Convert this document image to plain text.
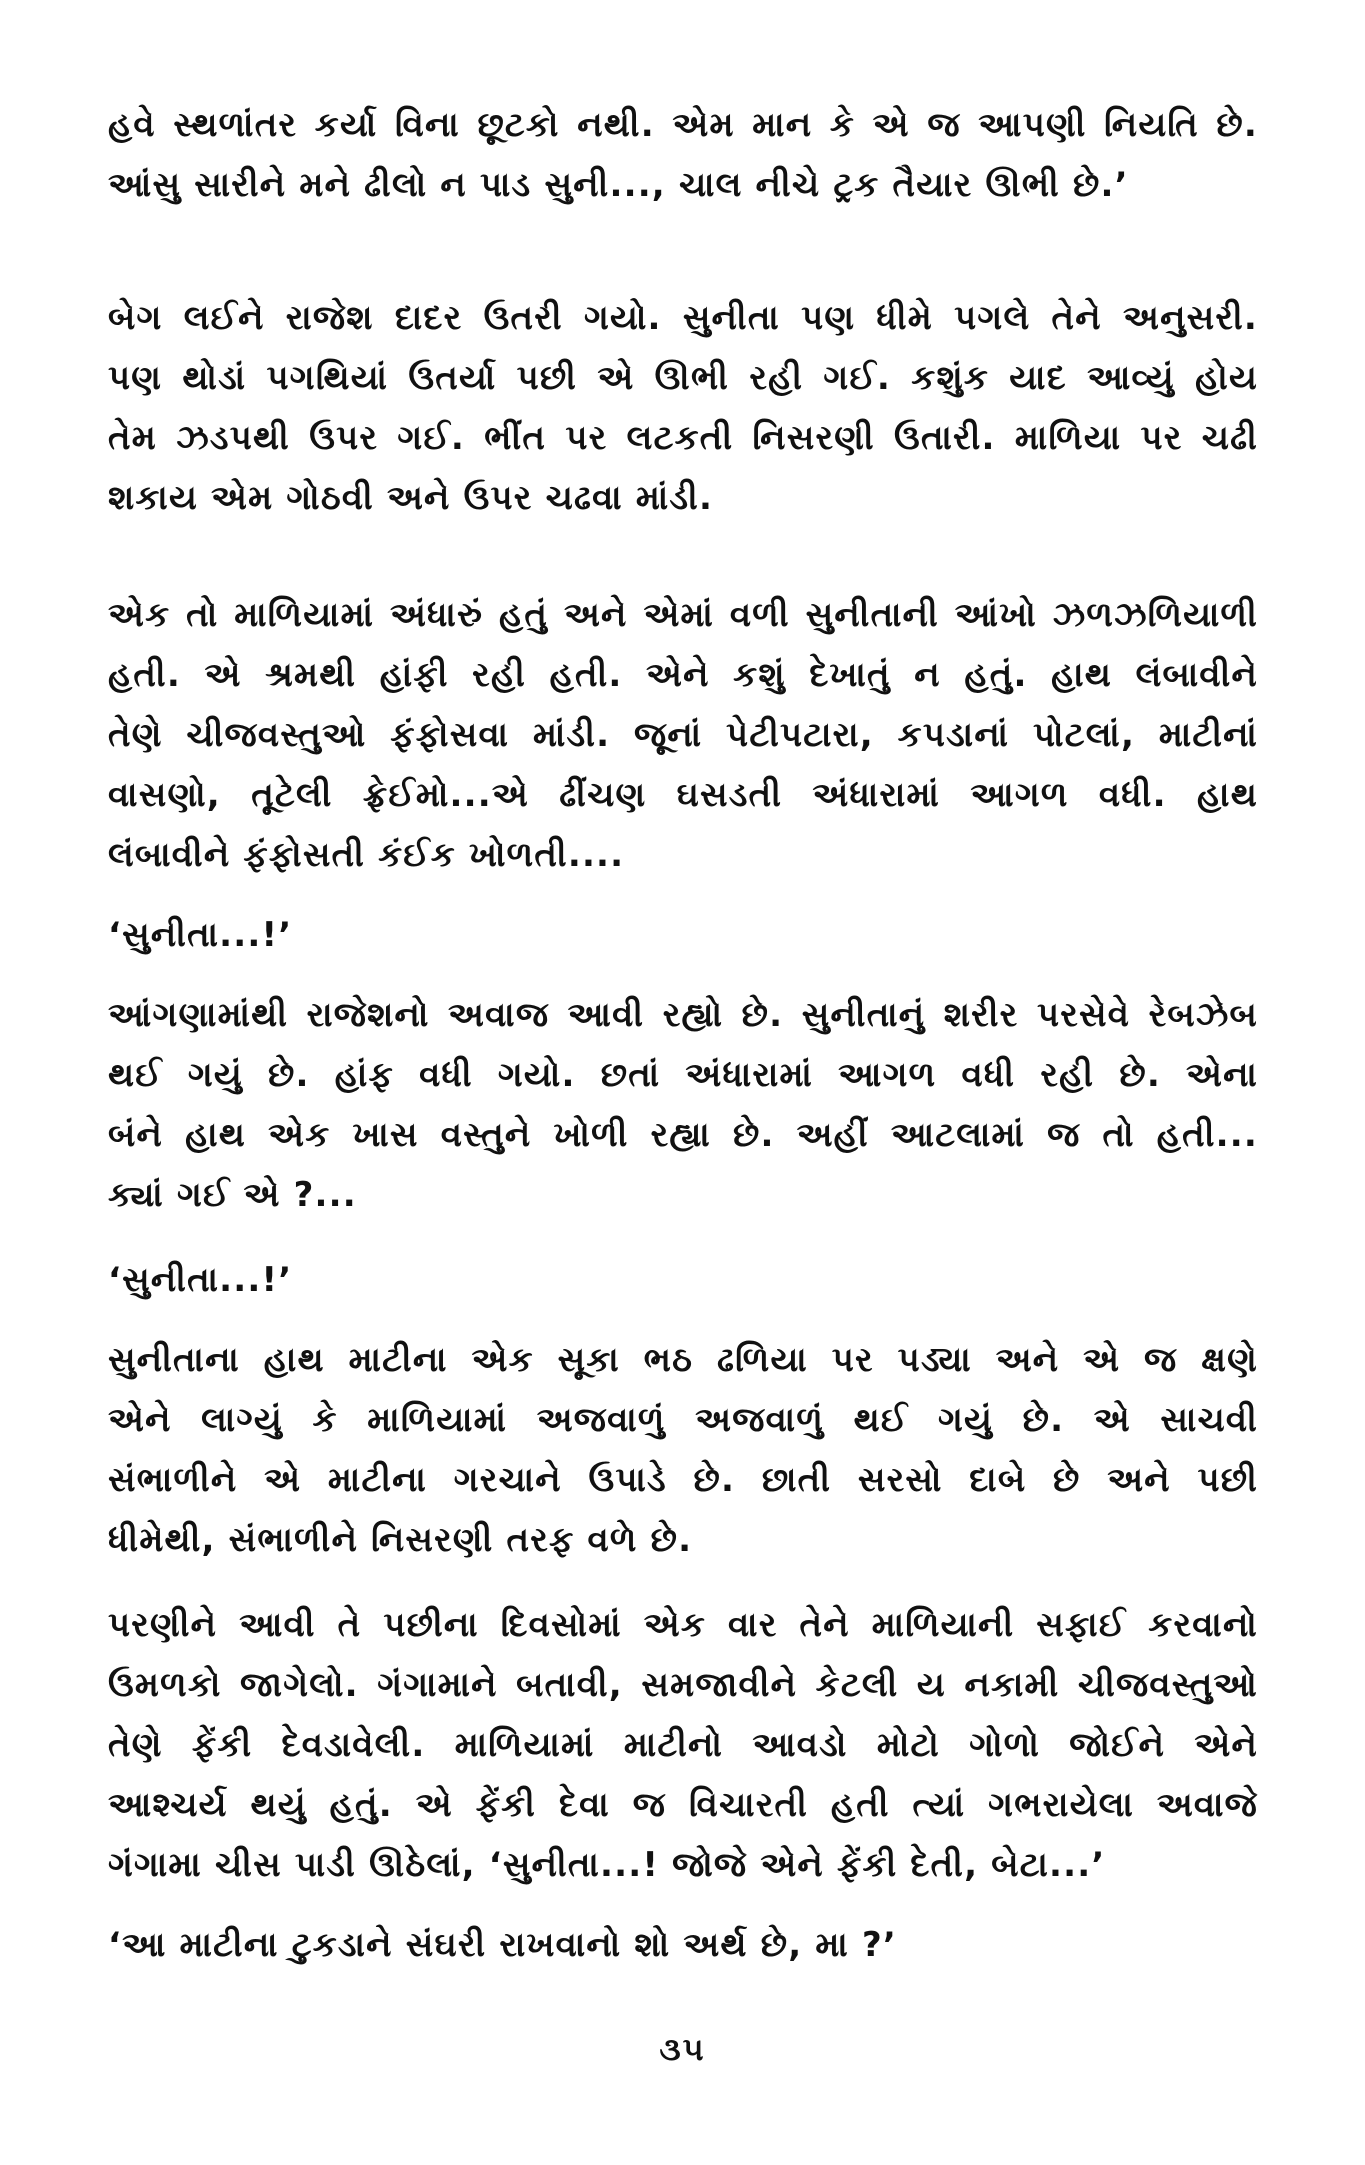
હવે સ્થળાંતર કર્યા વિના છૂટકો નથી. એમ માન કે એ જ આપણી નિયતિ છે.
આંસુ સારીને મને ઢીલો ન પાડ સુની..., ચાલ નીચે ટ્રક તૈયાર ઊભી છે.’
બેગ લઈને રાજેશ દાદર ઉતરી ગયો. સુનીતા પણ ધીમે પગલે તેને અનુસરી.
પણ થોડાં પગથિયાં ઉતર્યા પછી એ ઊભી રહી ગઈ. કશુંક યાદ આવ્યું હોય
તેમ ઝડપથી ઉપર ગઈ. ભીંત પર લટકતી નિસરણી ઉતારી. માળિયા પર ચઢી
શકાય એમ ગોઠવી અને ઉપર ચઢવા માંડી.
એક તો માળિયામાં અંધારું હતું અને એમાં વળી સુનીતાની આંખો ઝળઝળિયાળી
હતી. એ શ્રમથી હાંફી રહી હતી. એને કશું દેખાતું ન હતું. હાથ લંબાવીને
તેણે ચીજવસ્તુઓ ફંફોસવા માંડી. જૂનાં પેટીપટારા, કપડાનાં પોટલાં, માટીનાં
વાસણો, તૂટેલી ફ્રેઈમો...એ ઢીંચણ ઘસડતી અંધારામાં આગળ વધી. હાથ
લંબાવીને ફંફોસતી કંઈક ખોળતી....
‘સુનીતા...!’
આંગણામાંથી રાજેશનો અવાજ આવી રહ્યો છે. સુનીતાનું શરીર પરસેવે રેબઝેબ
થઈ ગયું છે. હાંફ વધી ગયો. છતાં અંધારામાં આગળ વધી રહી છે. એના
બંને હાથ એક ખાસ વસ્તુને ખોળી રહ્યા છે. અહીં આટલામાં જ તો હતી...
ક્યાં ગઈ એ ?...
‘સુનીતા...!’
સુનીતાના હાથ માટીના એક સૂકા ભઠ ઢળિયા પર પડ્યા અને એ જ ક્ષણે
એને લાગ્યું કે માળિયામાં અજવાળું અજવાળું થઈ ગયું છે. એ સાચવી
સંભાળીને એ માટીના ગરચાને ઉપાડે છે. છાતી સરસો દાબે છે અને પછી
ધીમેથી, સંભાળીને નિસરણી તરફ વળે છે.
પરણીને આવી તે પછીના દિવસોમાં એક વાર તેને માળિયાની સફાઈ કરવાનો
ઉમળકો જાગેલો. ગંગામાને બતાવી, સમજાવીને કેટલી ય નકામી ચીજવસ્તુઓ
તેણે ફેંકી દેવડાવેલી. માળિયામાં માટીનો આવડો મોટો ગોળો જોઈને એને
આશ્ચર્ય થયું હતું. એ ફેંકી દેવા જ વિચારતી હતી ત્યાં ગભરાયેલા અવાજે
ગંગામા ચીસ પાડી ઊઠેલાં, ‘સુનીતા...! જોજે એને ફેંકી દેતી, બેટા...’
‘આ માટીના ટુકડાને સંઘરી રાખવાનો શો અર્થ છે, મા ?’
૩૫
